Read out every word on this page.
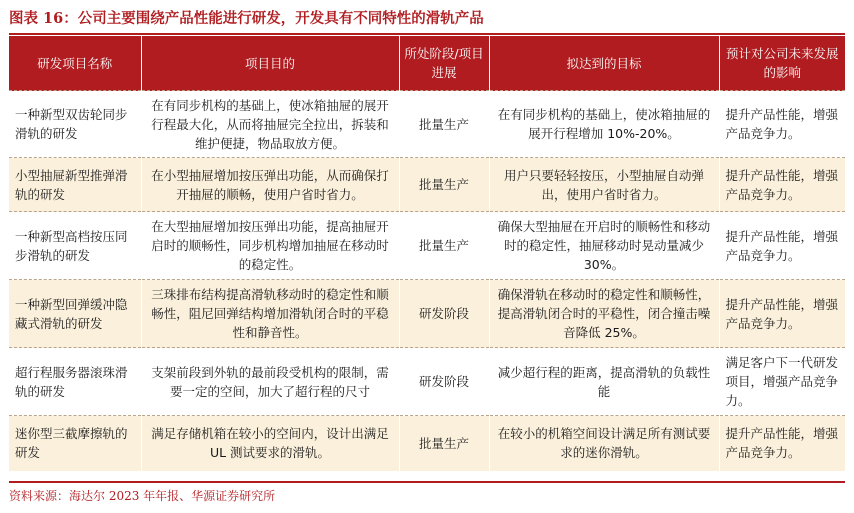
图表 16：公司主要围绕产品性能进行研发，开发具有不同特性的滑轨产品
研发项目名称	项目目的	所处阶段/项目进展	拟达到的目标	预计对公司未来发展的影响
一种新型双齿轮同步滑轨的研发	在有同步机构的基础上，使冰箱抽屉的展开行程最大化，从而将抽屉完全拉出，拆装和维护便捷，物品取放方便。	批量生产	在有同步机构的基础上，使冰箱抽屉的展开行程增加 10%-20%。	提升产品性能，增强产品竞争力。
小型抽屉新型推弹滑轨的研发	在小型抽屉增加按压弹出功能，从而确保打开抽屉的顺畅，使用户省时省力。	批量生产	用户只要轻轻按压，小型抽屉自动弹出，使用户省时省力。	提升产品性能，增强产品竞争力。
一种新型高档按压同步滑轨的研发	在大型抽屉增加按压弹出功能，提高抽屉开启时的顺畅性，同步机构增加抽屉在移动时的稳定性。	批量生产	确保大型抽屉在开启时的顺畅性和移动时的稳定性，抽屉移动时晃动量减少 30%。	提升产品性能，增强产品竞争力。
一种新型回弹缓冲隐藏式滑轨的研发	三珠排布结构提高滑轨移动时的稳定性和顺畅性，阻尼回弹结构增加滑轨闭合时的平稳性和静音性。	研发阶段	确保滑轨在移动时的稳定性和顺畅性，提高滑轨闭合时的平稳性，闭合撞击噪音降低 25%。	提升产品性能，增强产品竞争力。
超行程服务器滚珠滑轨的研发	支架前段到外轨的最前段受机构的限制，需要一定的空间，加大了超行程的尺寸	研发阶段	减少超行程的距离，提高滑轨的负载性能	满足客户下一代研发项目，增强产品竞争力。
迷你型三截摩擦轨的研发	满足存储机箱在较小的空间内，设计出满足 UL 测试要求的滑轨。	批量生产	在较小的机箱空间设计满足所有测试要求的迷你滑轨。	提升产品性能，增强产品竞争力。
资料来源：海达尔 2023 年年报、华源证券研究所
